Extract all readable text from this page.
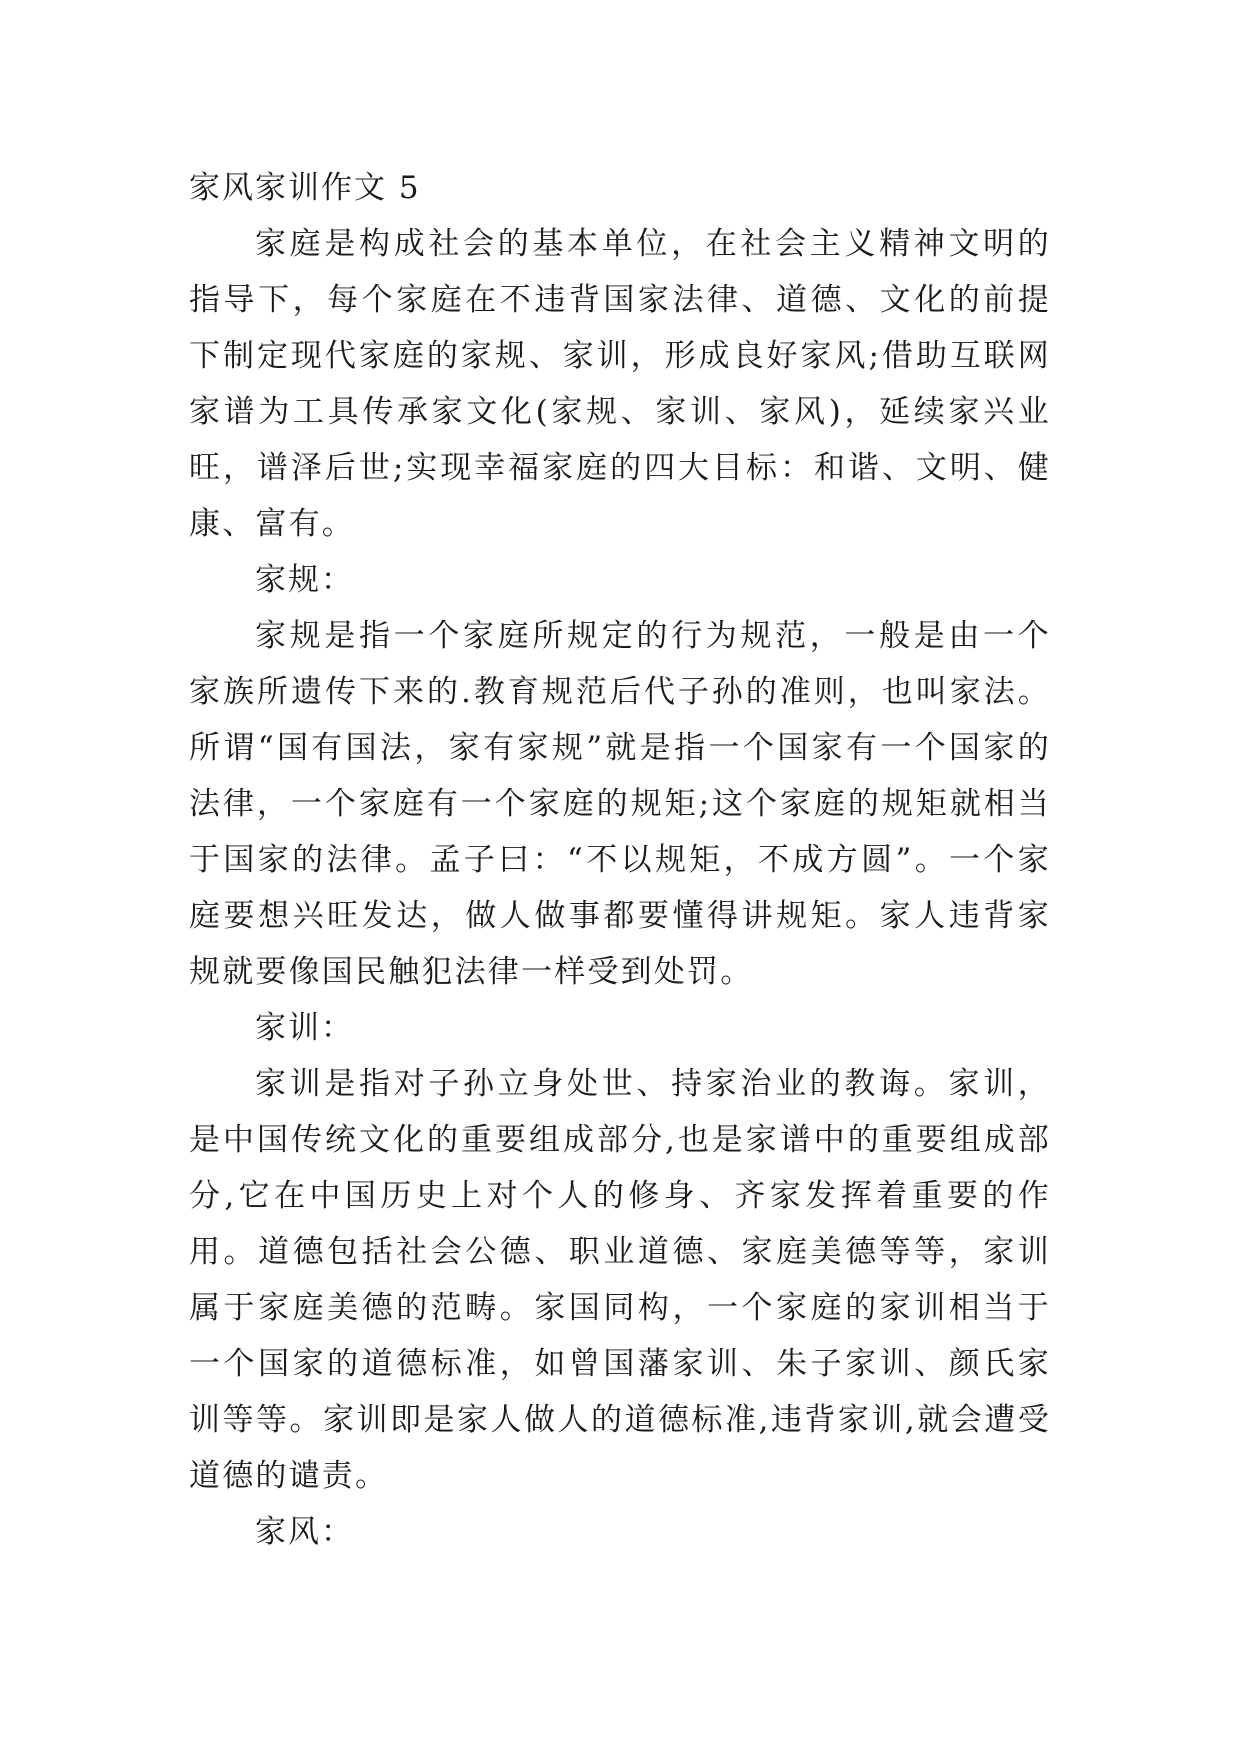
家风家训作文 5

家庭是构成社会的基本单位，在社会主义精神文明的指导下，每个家庭在不违背国家法律、道德、文化的前提下制定现代家庭的家规、家训，形成良好家风;借助互联网家谱为工具传承家文化(家规、家训、家风)，延续家兴业旺，谱泽后世;实现幸福家庭的四大目标：和谐、文明、健康、富有。

家规：

家规是指一个家庭所规定的行为规范，一般是由一个家族所遗传下来的.教育规范后代子孙的准则，也叫家法。所谓“国有国法，家有家规”就是指一个国家有一个国家的法律，一个家庭有一个家庭的规矩;这个家庭的规矩就相当于国家的法律。孟子曰：“不以规矩，不成方圆”。一个家庭要想兴旺发达，做人做事都要懂得讲规矩。家人违背家规就要像国民触犯法律一样受到处罚。

家训：

家训是指对子孙立身处世、持家治业的教诲。家训，是中国传统文化的重要组成部分,也是家谱中的重要组成部分,它在中国历史上对个人的修身、齐家发挥着重要的作用。道德包括社会公德、职业道德、家庭美德等等，家训属于家庭美德的范畴。家国同构，一个家庭的家训相当于一个国家的道德标准，如曾国藩家训、朱子家训、颜氏家训等等。家训即是家人做人的道德标准,违背家训,就会遭受道德的谴责。

家风：
